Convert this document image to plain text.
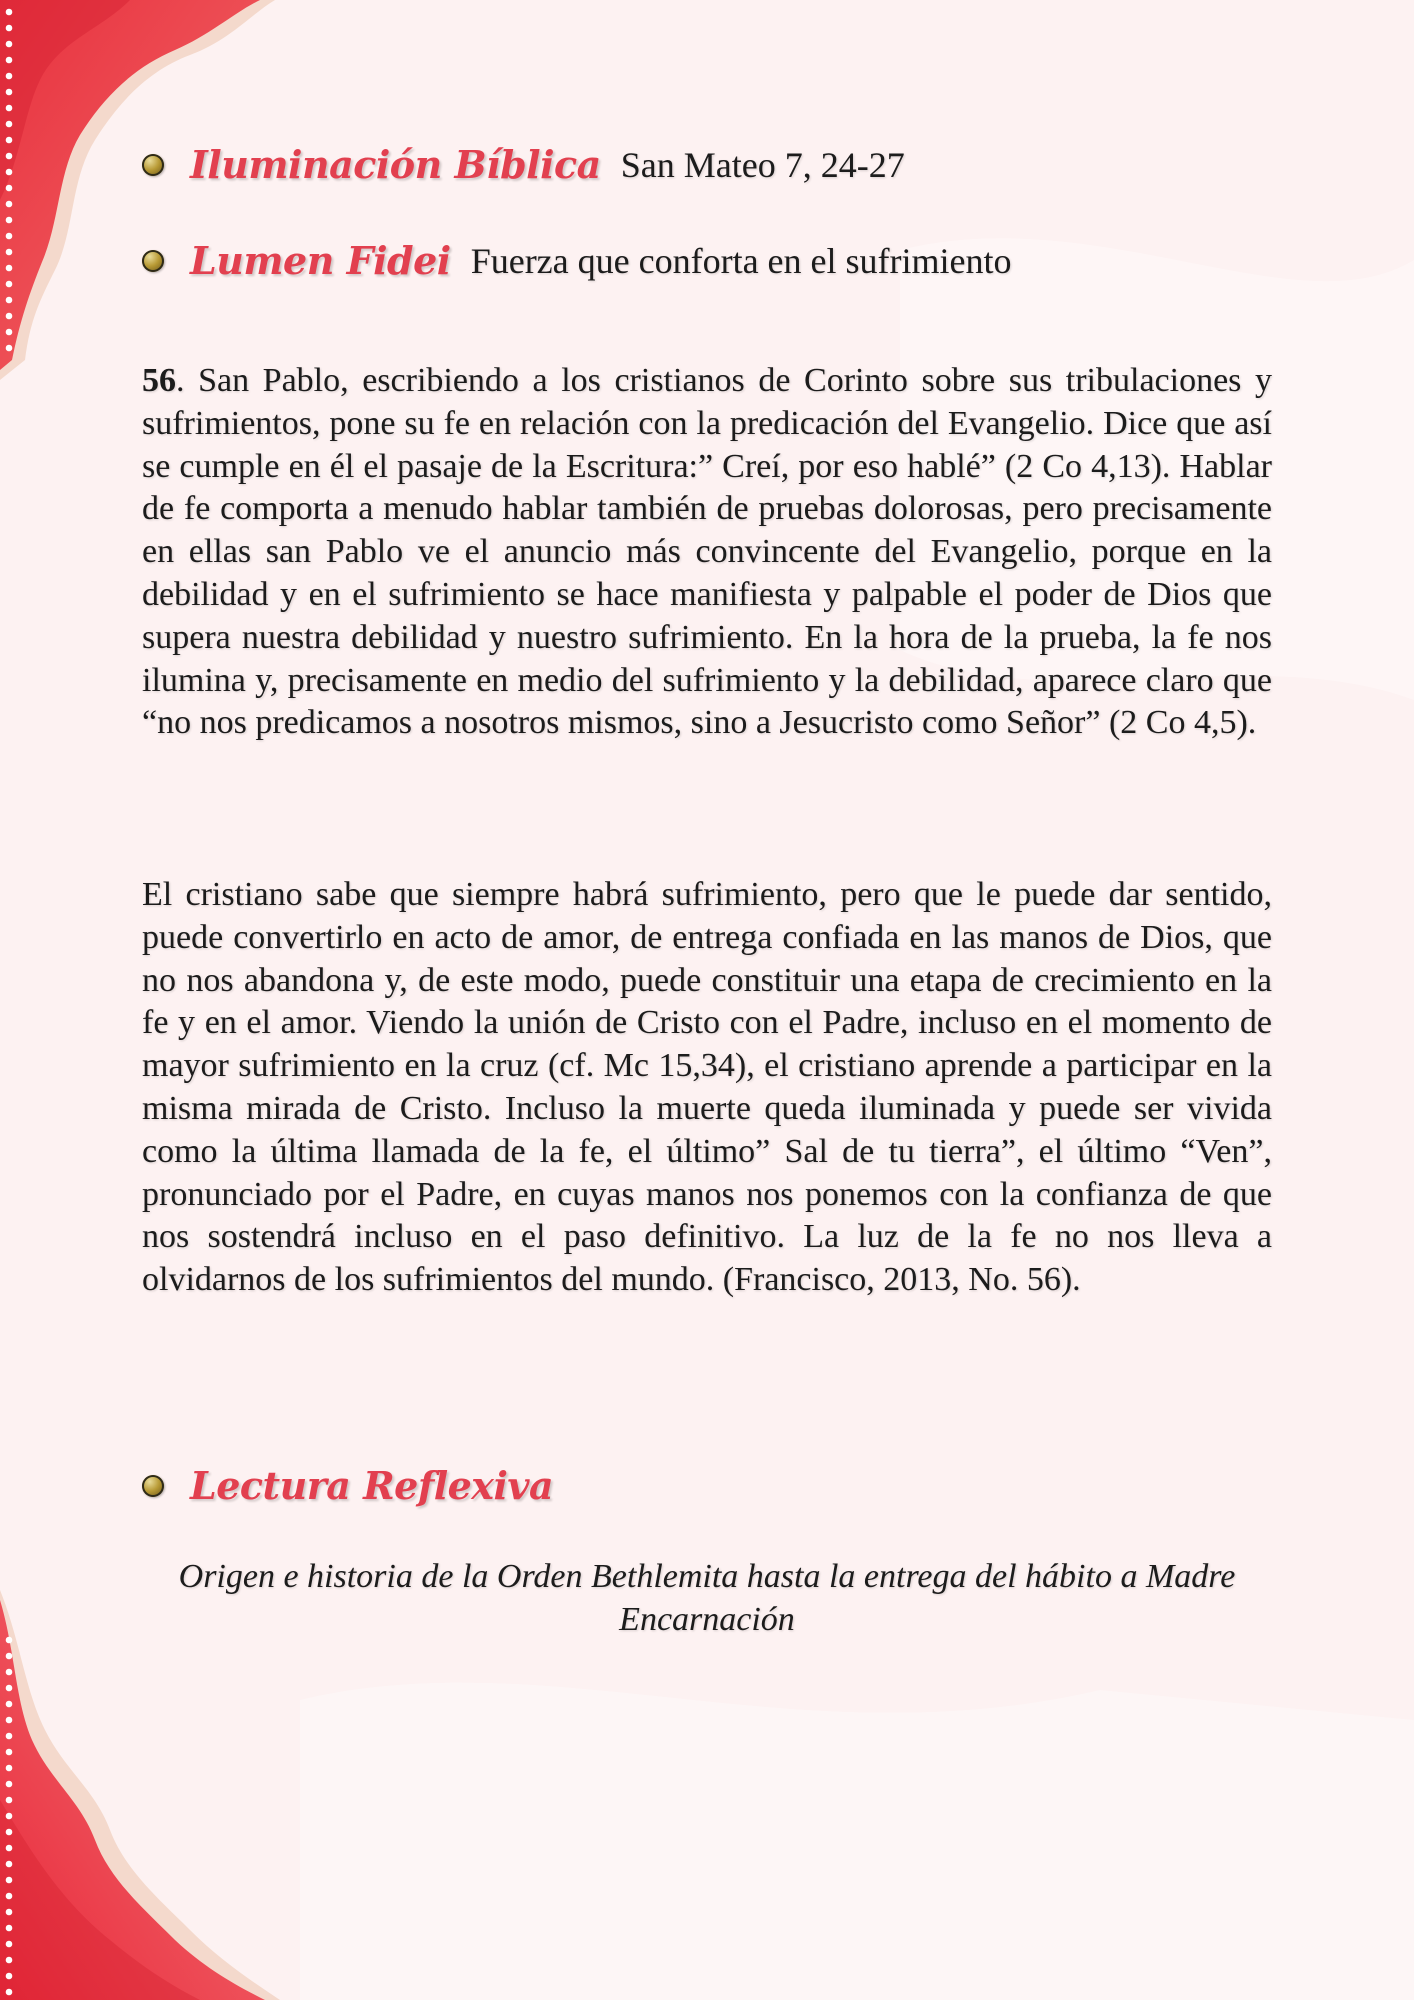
Iluminación Bíblica San Mateo 7, 24-27
Lumen Fidei Fuerza que conforta en el sufrimiento

56. San Pablo, escribiendo a los cristianos de Corinto sobre sus tribulaciones y sufrimientos, pone su fe en relación con la predicación del Evangelio. Dice que así se cumple en él el pasaje de la Escritura:” Creí, por eso hablé” (2 Co 4,13). Hablar de fe comporta a menudo hablar también de pruebas dolorosas, pero precisamente en ellas san Pablo ve el anuncio más convincente del Evangelio, porque en la debilidad y en el sufrimiento se hace manifiesta y palpable el poder de Dios que supera nuestra debilidad y nuestro sufrimiento. En la hora de la prueba, la fe nos ilumina y, precisamente en medio del sufrimiento y la debilidad, aparece claro que “no nos predicamos a nosotros mismos, sino a Jesucristo como Señor” (2 Co 4,5).

El cristiano sabe que siempre habrá sufrimiento, pero que le puede dar sentido, puede convertirlo en acto de amor, de entrega confiada en las manos de Dios, que no nos abandona y, de este modo, puede constituir una etapa de crecimiento en la fe y en el amor. Viendo la unión de Cristo con el Padre, incluso en el momento de mayor sufrimiento en la cruz (cf. Mc 15,34), el cristiano aprende a participar en la misma mirada de Cristo. Incluso la muerte queda iluminada y puede ser vivida como la última llamada de la fe, el último” Sal de tu tierra”, el último “Ven”, pronunciado por el Padre, en cuyas manos nos ponemos con la confianza de que nos sostendrá incluso en el paso definitivo. La luz de la fe no nos lleva a olvidarnos de los sufrimientos del mundo. (Francisco, 2013, No. 56).

Lectura Reflexiva

Origen e historia de la Orden Bethlemita hasta la entrega del hábito a Madre Encarnación
